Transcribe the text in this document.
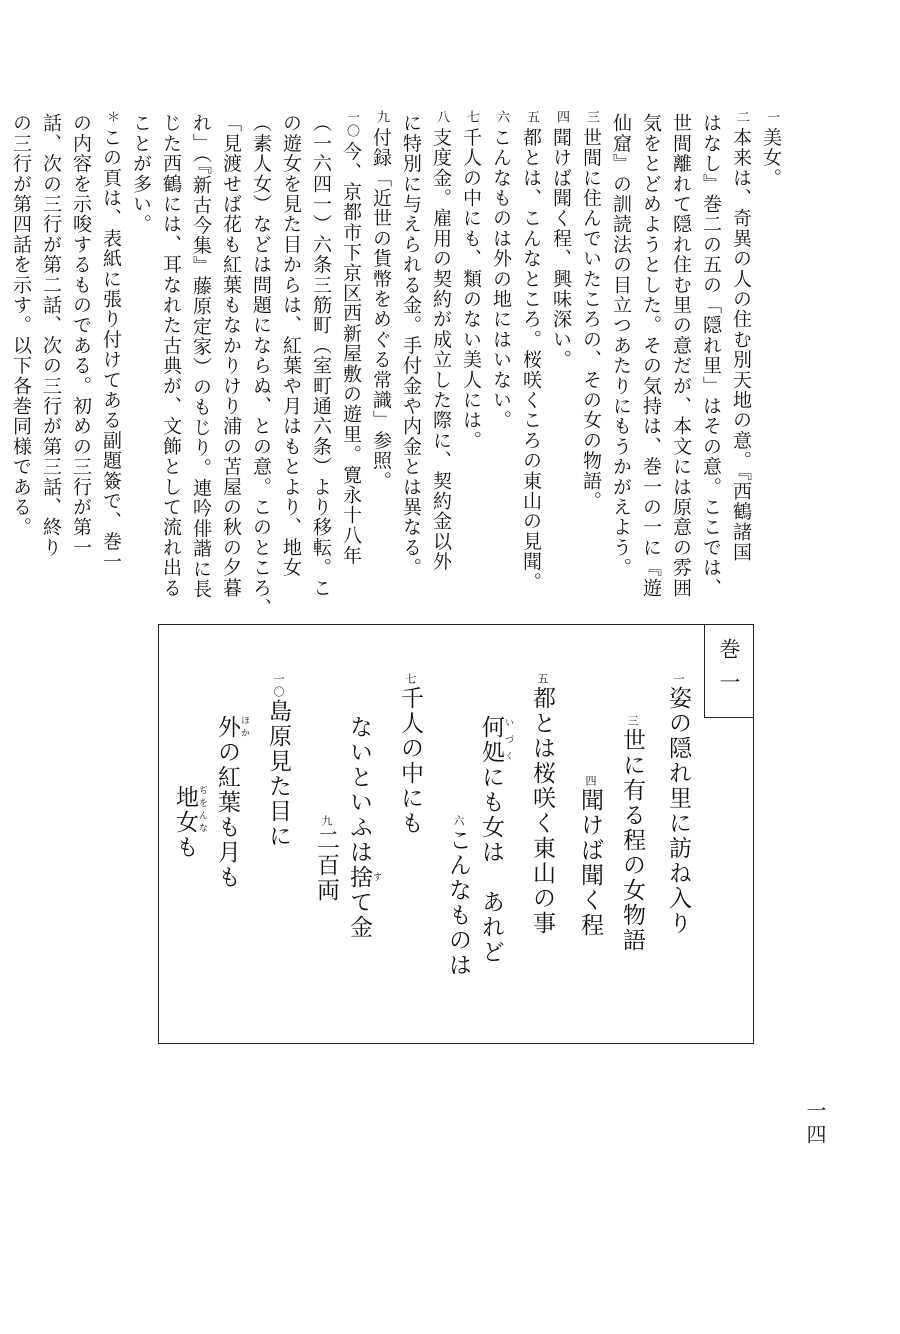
一美女。
二本来は、奇異の人の住む別天地の意。『西鶴諸国
はなし』巻二の五の「隠れ里」はその意。ここでは、
世間離れて隠れ住む里の意だが、本文には原意の雰囲
気をとどめようとした。その気持は、巻一の一に『遊
仙窟』の訓読法の目立つあたりにもうかがえよう。
三世間に住んでいたころの、その女の物語。
四聞けば聞く程、興味深い。
五都とは、こんなところ。桜咲くころの東山の見聞。
六こんなものは外の地にはいない。
七千人の中にも、類のない美人には。
八支度金。雇用の契約が成立した際に、契約金以外
に特別に与えられる金。手付金や内金とは異なる。
九付録「近世の貨幣をめぐる常識」参照。
一〇今、京都市下京区西新屋敷の遊里。寛永十八年
（一六四一）六条三筋町（室町通六条）より移転。こ
の遊女を見た目からは、紅葉や月はもとより、地女
（素人女）などは問題にならぬ、との意。このところ、
「見渡せば花も紅葉もなかりけり浦の苫屋の秋の夕暮
れ」（『新古今集』藤原定家）のもじり。連吟俳諧に長
じた西鶴には、耳なれた古典が、文飾として流れ出る
ことが多い。
＊この頁は、表紙に張り付けてある副題簽で、巻一
の内容を示唆するものである。初めの三行が第一
話、次の三行が第二話、次の三行が第三話、終り
の三行が第四話を示す。以下各巻同様である。
巻一
一姿の隠れ里に訪ね入り
三世に有る程の女物語
四聞けば聞く程
五都とは桜咲く東山の事
何処 いづくにも女は　あれど
六こんなものは
七千人の中にも
ないといふは捨 すて金
九二百両
一〇島原見た目に
外 ほかの紅葉も月も
地女 ぢをんなも
一四
